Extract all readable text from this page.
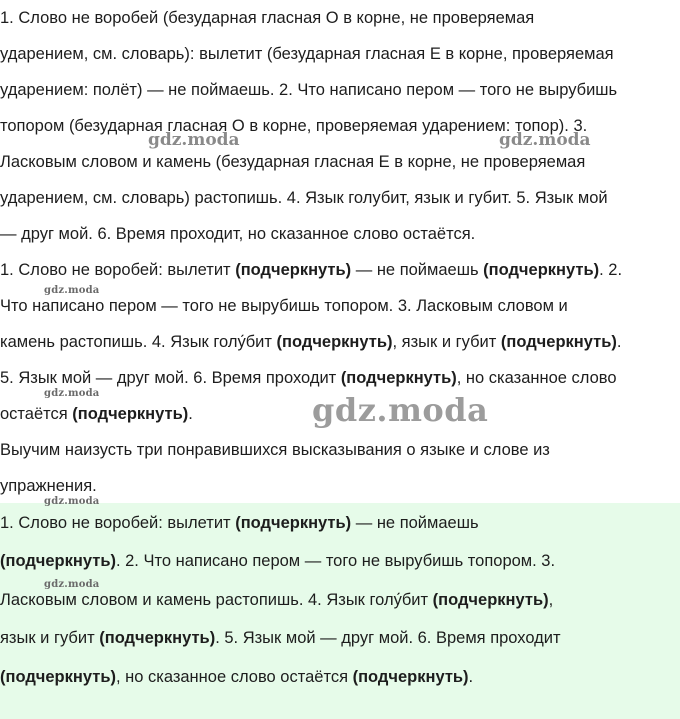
1. Слово не воробей (безударная гласная О в корне, не проверяемая
ударением, см. словарь): вылетит (безударная гласная Е в корне, проверяемая
ударением: полёт) — не поймаешь. 2. Что написано пером — того не вырубишь
топором (безударная гласная О в корне, проверяемая ударением: топор). 3.
Ласковым словом и камень (безударная гласная Е в корне, не проверяемая
ударением, см. словарь) растопишь. 4. Язык голубит, язык и губит. 5. Язык мой
— друг мой. 6. Время проходит, но сказанное слово остаётся.
1. Слово не воробей: вылетит (подчеркнуть) — не поймаешь (подчеркнуть). 2.
Что написано пером — того не вырубишь топором. 3. Ласковым словом и
камень растопишь. 4. Язык голу́бит (подчеркнуть), язык и губит (подчеркнуть).
5. Язык мой — друг мой. 6. Время проходит (подчеркнуть), но сказанное слово
остаётся (подчеркнуть).
Выучим наизусть три понравившихся высказывания о языке и слове из
упражнения.
1. Слово не воробей: вылетит (подчеркнуть) — не поймаешь
(подчеркнуть). 2. Что написано пером — того не вырубишь топором. 3.
Ласковым словом и камень растопишь. 4. Язык голу́бит (подчеркнуть),
язык и губит (подчеркнуть). 5. Язык мой — друг мой. 6. Время проходит
(подчеркнуть), но сказанное слово остаётся (подчеркнуть).
gdz.moda	gdz.moda
gdz.moda
gdz.moda	gdz.moda
gdz.moda
gdz.moda
